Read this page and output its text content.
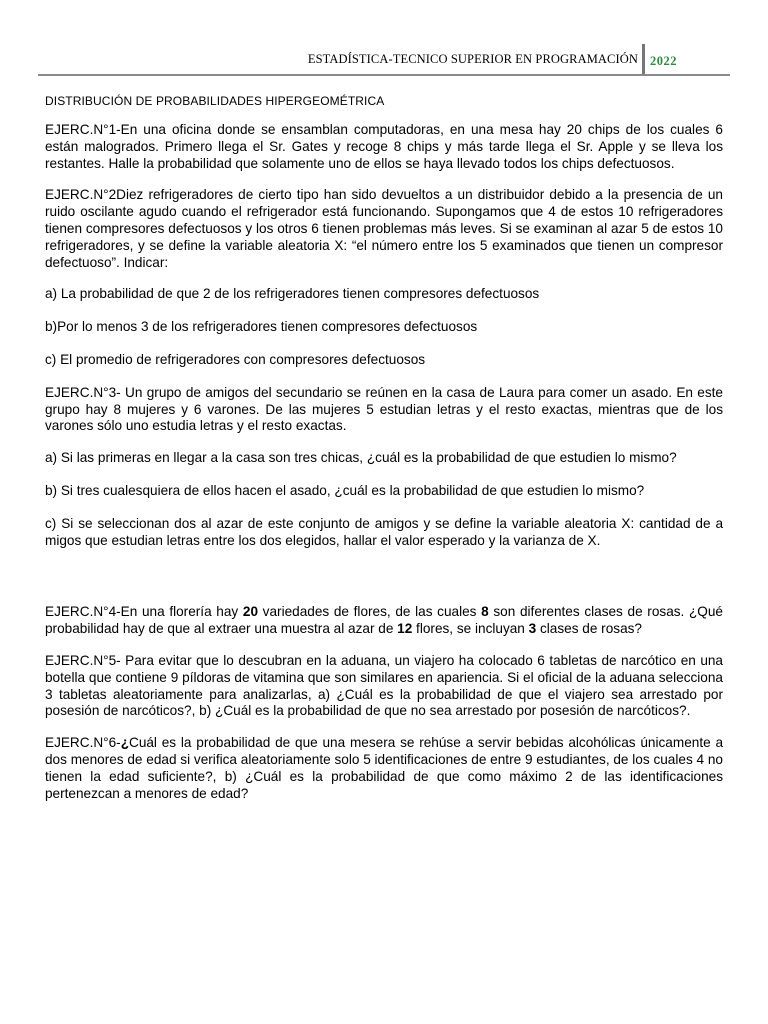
ESTADÍSTICA-TECNICO SUPERIOR EN PROGRAMACIÓN 2022
DISTRIBUCIÓN DE PROBABILIDADES HIPERGEOMÉTRICA

EJERC.N°1-En una oficina donde se ensamblan computadoras, en una mesa hay 20 chips de los cuales 6 están malogrados. Primero llega el Sr. Gates y recoge 8 chips y más tarde llega el Sr. Apple y se lleva los restantes. Halle la probabilidad que solamente uno de ellos se haya llevado todos los chips defectuosos.

EJERC.N°2Diez refrigeradores de cierto tipo han sido devueltos a un distribuidor debido a la presencia de un ruido oscilante agudo cuando el refrigerador está funcionando. Supongamos que 4 de estos 10 refrigeradores tienen compresores defectuosos y los otros 6 tienen problemas más leves. Si se examinan al azar 5 de estos 10 refrigeradores, y se define la variable aleatoria X: “el número entre los 5 examinados que tienen un compresor defectuoso”. Indicar:

a) La probabilidad de que 2 de los refrigeradores tienen compresores defectuosos

b)Por lo menos 3 de los refrigeradores tienen compresores defectuosos

c) El promedio de refrigeradores con compresores defectuosos

EJERC.N°3- Un grupo de amigos del secundario se reúnen en la casa de Laura para comer un asado. En este grupo hay 8 mujeres y 6 varones. De las mujeres 5 estudian letras y el resto exactas, mientras que de los varones sólo uno estudia letras y el resto exactas.

a) Si las primeras en llegar a la casa son tres chicas, ¿cuál es la probabilidad de que estudien lo mismo?

b) Si tres cualesquiera de ellos hacen el asado, ¿cuál es la probabilidad de que estudien lo mismo?

c) Si se seleccionan dos al azar de este conjunto de amigos y se define la variable aleatoria X: cantidad de a migos que estudian letras entre los dos elegidos, hallar el valor esperado y la varianza de X.

EJERC.N°4-En una florería hay 20 variedades de flores, de las cuales 8 son diferentes clases de rosas. ¿Qué probabilidad hay de que al extraer una muestra al azar de 12 flores, se incluyan 3 clases de rosas?

EJERC.N°5- Para evitar que lo descubran en la aduana, un viajero ha colocado 6 tabletas de narcótico en una botella que contiene 9 píldoras de vitamina que son similares en apariencia. Si el oficial de la aduana selecciona 3 tabletas aleatoriamente para analizarlas, a) ¿Cuál es la probabilidad de que el viajero sea arrestado por posesión de narcóticos?, b) ¿Cuál es la probabilidad de que no sea arrestado por posesión de narcóticos?.

EJERC.N°6-¿Cuál es la probabilidad de que una mesera se rehúse a servir bebidas alcohólicas únicamente a dos menores de edad si verifica aleatoriamente solo 5 identificaciones de entre 9 estudiantes, de los cuales 4 no tienen la edad suficiente?, b) ¿Cuál es la probabilidad de que como máximo 2 de las identificaciones pertenezcan a menores de edad?
